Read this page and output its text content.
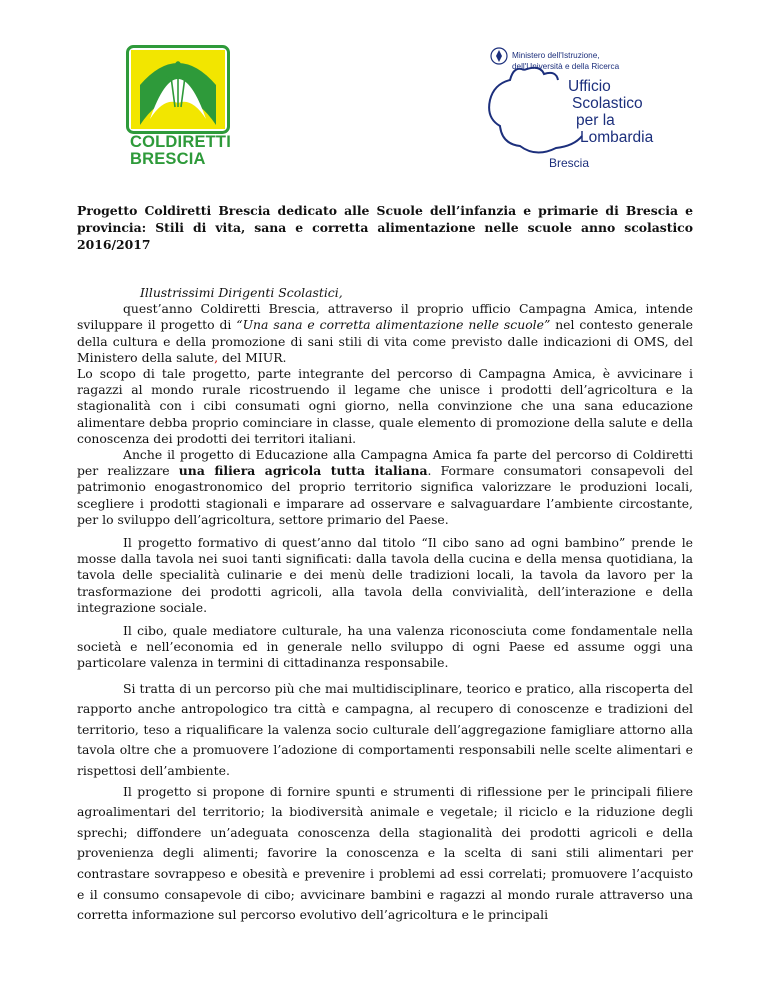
COLDIRETTI
BRESCIA
Ministero dell'Istruzione,
dell'Università e della Ricerca
Ufficio
Scolastico
per la
Lombardia
Brescia
Progetto Coldiretti Brescia dedicato alle Scuole dell’infanzia e primarie di Brescia e provincia: Stili di vita, sana e corretta alimentazione nelle scuole anno scolastico 2016/2017
Illustrissimi Dirigenti Scolastici,

quest’anno Coldiretti Brescia, attraverso il proprio ufficio Campagna Amica, intende sviluppare il progetto di “Una sana e corretta alimentazione nelle scuole” nel contesto generale della cultura e della promozione di sani stili di vita come previsto dalle indicazioni di OMS, del Ministero della salute, del MIUR.

Lo scopo di tale progetto, parte integrante del percorso di Campagna Amica, è avvicinare i ragazzi al mondo rurale ricostruendo il legame che unisce i prodotti dell’agricoltura e la stagionalità con i cibi consumati ogni giorno, nella convinzione che una sana educazione alimentare debba proprio cominciare in classe, quale elemento di promozione della salute e della conoscenza dei prodotti dei territori italiani.

Anche il progetto di Educazione alla Campagna Amica fa parte del percorso di Coldiretti per realizzare una filiera agricola tutta italiana. Formare consumatori consapevoli del patrimonio enogastronomico del proprio territorio significa valorizzare le produzioni locali, scegliere i prodotti stagionali e imparare ad osservare e salvaguardare l’ambiente circostante, per lo sviluppo dell’agricoltura, settore primario del Paese.

Il progetto formativo di quest’anno dal titolo “Il cibo sano ad ogni bambino” prende le mosse dalla tavola nei suoi tanti significati: dalla tavola della cucina e della mensa quotidiana, la tavola delle specialità culinarie e dei menù delle tradizioni locali, la tavola da lavoro per la trasformazione dei prodotti agricoli, alla tavola della convivialità, dell’interazione e della integrazione sociale.

Il cibo, quale mediatore culturale, ha una valenza riconosciuta come fondamentale nella società e nell’economia ed in generale nello sviluppo di ogni Paese ed assume oggi una particolare valenza in termini di cittadinanza responsabile.

Si tratta di un percorso più che mai multidisciplinare, teorico e pratico, alla riscoperta del rapporto anche antropologico tra città e campagna, al recupero di conoscenze e tradizioni del territorio, teso a riqualificare la valenza socio culturale dell’aggregazione famigliare attorno alla tavola oltre che a promuovere l’adozione di comportamenti responsabili nelle scelte alimentari e rispettosi dell’ambiente.

Il progetto si propone di fornire spunti e strumenti di riflessione per le principali filiere agroalimentari del territorio; la biodiversità animale e vegetale; il riciclo e la riduzione degli sprechi; diffondere un’adeguata conoscenza della stagionalità dei prodotti agricoli e della provenienza degli alimenti; favorire la conoscenza e la scelta di sani stili alimentari per contrastare sovrappeso e obesità e prevenire i problemi ad essi correlati; promuovere l’acquisto e il consumo consapevole di cibo; avvicinare bambini e ragazzi al mondo rurale attraverso una corretta informazione sul percorso evolutivo dell’agricoltura e le principali
